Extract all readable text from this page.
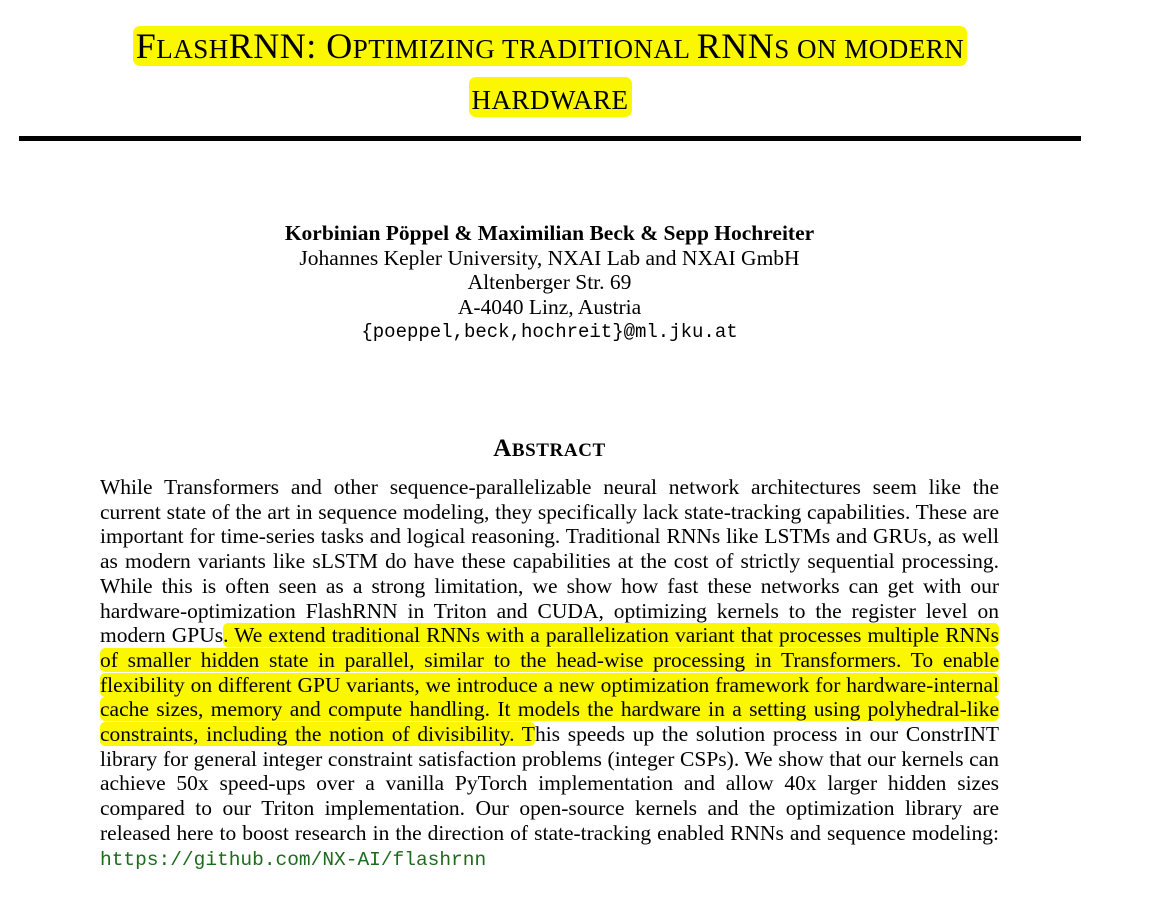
FLASHRNN: OPTIMIZING TRADITIONAL RNNS ON MODERN
HARDWARE
Korbinian Pöppel & Maximilian Beck & Sepp Hochreiter
Johannes Kepler University, NXAI Lab and NXAI GmbH
Altenberger Str. 69
A-4040 Linz, Austria
{poeppel,beck,hochreit}@ml.jku.at
ABSTRACT

While Transformers and other sequence-parallelizable neural network architectures seem like the current state of the art in sequence modeling, they specifically lack state-tracking capabilities. These are important for time-series tasks and logical reasoning. Traditional RNNs like LSTMs and GRUs, as well as modern variants like sLSTM do have these capabilities at the cost of strictly sequential processing. While this is often seen as a strong limitation, we show how fast these networks can get with our hardware-optimization FlashRNN in Triton and CUDA, optimizing kernels to the register level on modern GPUs. We extend traditional RNNs with a parallelization variant that processes multiple RNNs of smaller hidden state in parallel, similar to the head-wise processing in Transformers. To enable flexibility on different GPU variants, we introduce a new optimization framework for hardware-internal cache sizes, memory and compute handling. It models the hardware in a setting using polyhedral-like constraints, including the notion of divisibility. This speeds up the solution process in our ConstrINT library for general integer constraint satisfaction problems (integer CSPs). We show that our kernels can achieve 50x speed-ups over a vanilla PyTorch implementation and allow 40x larger hidden sizes compared to our Triton implementation. Our open-source kernels and the optimization library are released here to boost research in the direction of state-tracking enabled RNNs and sequence modeling: https://github.com/NX-AI/flashrnn
